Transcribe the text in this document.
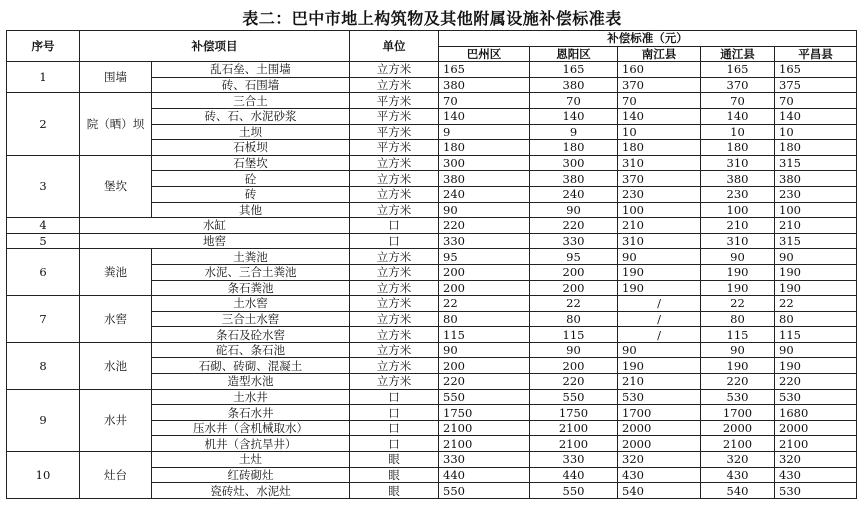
表二：巴中市地上构筑物及其他附属设施补偿标准表
序号	补偿项目		单位	补偿标准（元）				
				巴州区	恩阳区	南江县	通江县	平昌县
1	围墙	乱石垒、土围墙	立方米	165	165	160	165	165
		砖、石围墙	立方米	380	380	370	370	375
2	院（晒）坝	三合土	平方米	70	70	70	70	70
		砖、石、水泥砂浆	平方米	140	140	140	140	140
		土坝	平方米	9	9	10	10	10
		石板坝	平方米	180	180	180	180	180
3	堡坎	石堡坎	立方米	300	300	310	310	315
		砼	立方米	380	380	370	380	380
		砖	立方米	240	240	230	230	230
		其他	立方米	90	90	100	100	100
4	水缸		口	220	220	210	210	210
5	地窖		口	330	330	310	310	315
6	粪池	土粪池	立方米	95	95	90	90	90
		水泥、三合土粪池	立方米	200	200	190	190	190
		条石粪池	立方米	200	200	190	190	190
7	水窖	土水窖	立方米	22	22	/	22	22
		三合土水窖	立方米	80	80	/	80	80
		条石及砼水窖	立方米	115	115	/	115	115
8	水池	砣石、条石池	立方米	90	90	90	90	90
		石砌、砖砌、混凝土	立方米	200	200	190	190	190
		造型水池	立方米	220	220	210	220	220
9	水井	土水井	口	550	550	530	530	530
		条石水井	口	1750	1750	1700	1700	1680
		压水井（含机械取水）	口	2100	2100	2000	2000	2000
		机井（含抗旱井）	口	2100	2100	2000	2100	2100
10	灶台	土灶	眼	330	330	320	320	320
		红砖砌灶	眼	440	440	430	430	430
		瓷砖灶、水泥灶	眼	550	550	540	540	530
